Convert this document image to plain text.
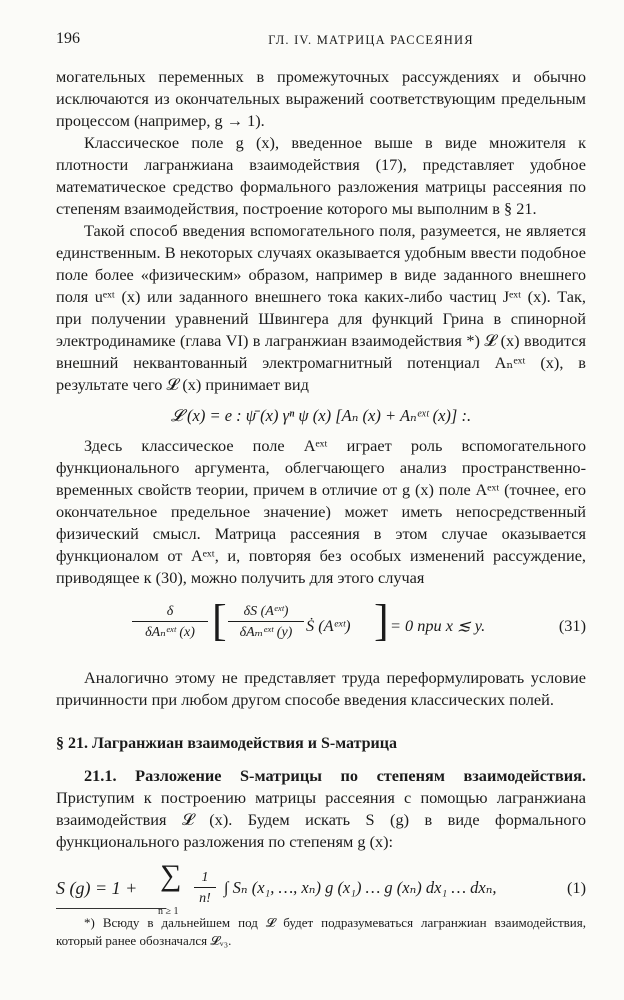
196	ГЛ. IV. МАТРИЦА РАССЕЯНИЯ

могательных переменных в промежуточных рассуждениях и обычно исключаются из окончательных выражений соответствующим предельным процессом (например, g → 1).

Классическое поле g (x), введенное выше в виде множителя к плотности лагранжиана взаимодействия (17), представляет удобное математическое средство формального разложения матрицы рассеяния по степеням взаимодействия, построение которого мы выполним в § 21.

Такой способ введения вспомогательного поля, разумеется, не является единственным. В некоторых случаях оказывается удобным ввести подобное поле более «физическим» образом, например в виде заданного внешнего поля uᵉˣᵗ (x) или заданного внешнего тока каких-либо частиц Jᵉˣᵗ (x). Так, при получении уравнений Швингера для функций Грина в спинорной электродинамике (глава VI) в лагранжиан взаимодействия *) 𝓛 (x) вводится внешний неквантованный электромагнитный потенциал Aₙᵉˣᵗ (x), в результате чего 𝓛 (x) принимает вид

𝓛 (x) = e : ψ̄ (x) γⁿ ψ (x) [Aₙ (x) + Aₙᵉˣᵗ (x)] :.

Здесь классическое поле Aᵉˣᵗ играет роль вспомогательного функционального аргумента, облегчающего анализ пространственно-временных свойств теории, причем в отличие от g (x) поле Aᵉˣᵗ (точнее, его окончательное предельное значение) может иметь непосредственный физический смысл. Матрица рассеяния в этом случае оказывается функционалом от Aᵉˣᵗ, и, повторяя без особых изменений рассуждение, приводящее к (30), можно получить для этого случая

δ
δAₙᵉˣᵗ (x) [	δS (Aᵉˣᵗ)
δAₘᵉˣᵗ (y) Ṡ (Aᵉˣᵗ) ] = 0 при x ≲ y.	(31)

Аналогично этому не представляет труда переформулировать условие причинности при любом другом способе введения классических полей.

§ 21. Лагранжиан взаимодействия и S-матрица

21.1. Разложение S-матрицы по степеням взаимодействия. Приступим к построению матрицы рассеяния с помощью лагранжиана взаимодействия 𝓛 (x). Будем искать S (g) в виде формального функционального разложения по степеням g (x):

S (g) = 1 + ∑
n ≥ 1
$\frac{1}{n!}$ ∫ Sₙ (x₁, …, xₙ) g (x₁) … g (xₙ) dx₁ … dxₙ,	(1)

*) Всюду в дальнейшем под 𝓛 будет подразумеваться лагранжиан взаимодействия, который ранее обозначался 𝓛ᵥ₃.
